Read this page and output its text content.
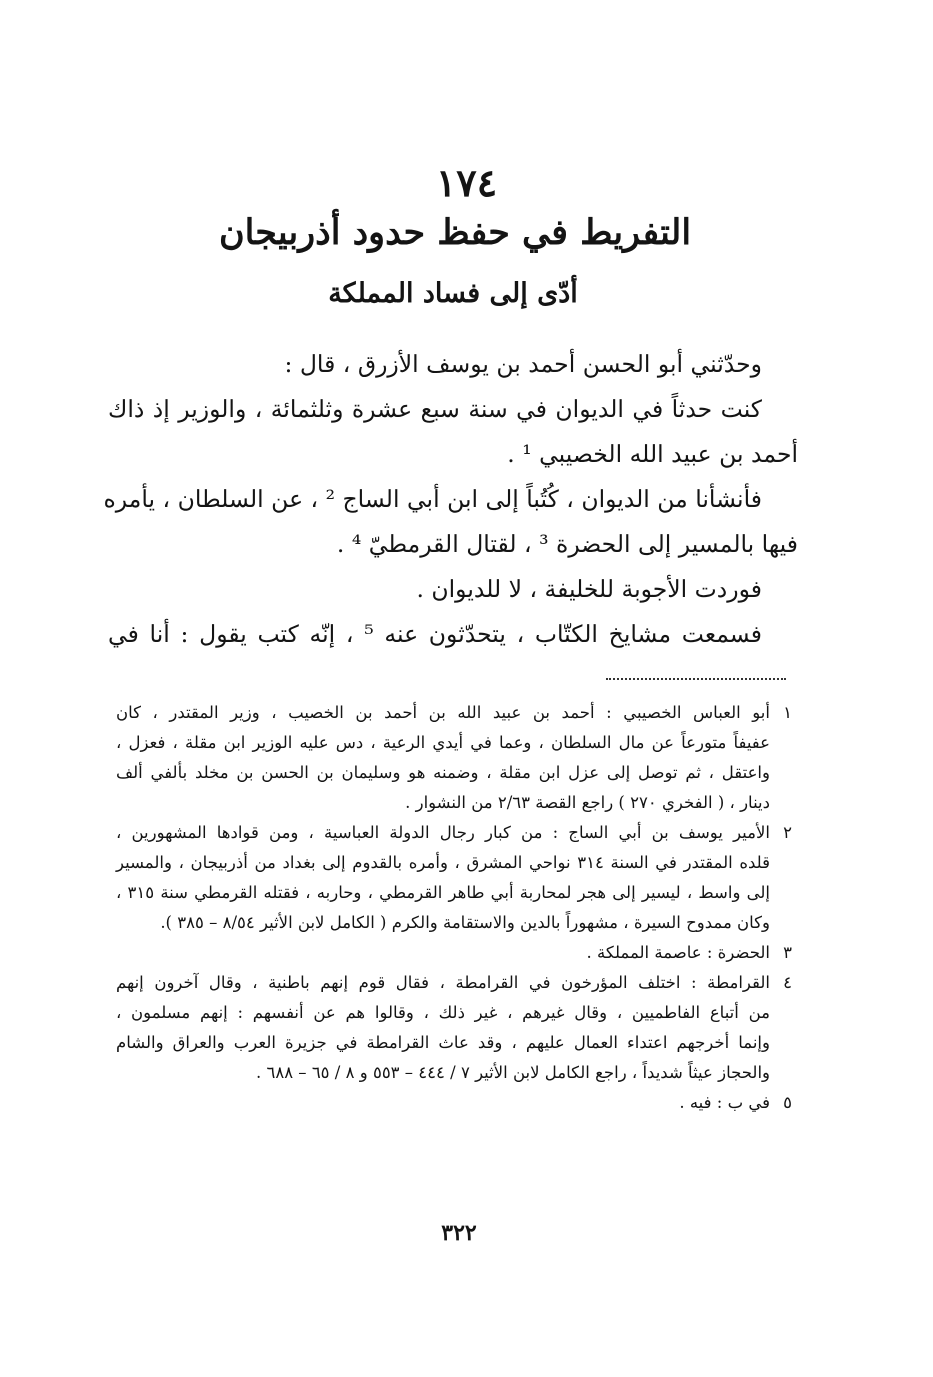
١٧٤
التفريط في حفظ حدود أذربيجان
أدّى إلى فساد المملكة

وحدّثني أبو الحسن أحمد بن يوسف الأزرق ، قال :

كنت حدثاً في الديوان في سنة سبع عشرة وثلثمائة ، والوزير إذ ذاك

أحمد بن عبيد الله الخصيبي ¹ .

فأنشأنا من الديوان ، كُتُباً إلى ابن أبي الساج ² ، عن السلطان ، يأمره

فيها بالمسير إلى الحضرة ³ ، لقتال القرمطيّ ⁴ .

فوردت الأجوبة للخليفة ، لا للديوان .

فسمعت مشايخ الكتّاب ، يتحدّثون عنه ⁵ ، إنّه كتب يقول : أنا في

١أبو العباس الخصيبي : أحمد بن عبيد الله بن أحمد بن الخصيب ، وزير المقتدر ، كان

عفيفاً متورعاً عن مال السلطان ، وعما في أيدي الرعية ، دس عليه الوزير ابن مقلة ، فعزل ،

واعتقل ، ثم توصل إلى عزل ابن مقلة ، وضمنه هو وسليمان بن الحسن بن مخلد بألفي ألف

دينار ، ( الفخري ٢٧٠ ) راجع القصة ٢/٦٣ من النشوار .

٢الأمير يوسف بن أبي الساج : من كبار رجال الدولة العباسية ، ومن قوادها المشهورين ،

قلده المقتدر في السنة ٣١٤ نواحي المشرق ، وأمره بالقدوم إلى بغداد من أذربيجان ، والمسير

إلى واسط ، ليسير إلى هجر لمحاربة أبي طاهر القرمطي ، وحاربه ، فقتله القرمطي سنة ٣١٥ ،

وكان ممدوح السيرة ، مشهوراً بالدين والاستقامة والكرم ( الكامل لابن الأثير ٨/٥٤ – ٣٨٥ ).

٣الحضرة : عاصمة المملكة .

٤القرامطة : اختلف المؤرخون في القرامطة ، فقال قوم إنهم باطنية ، وقال آخرون إنهم

من أتباع الفاطميين ، وقال غيرهم ، غير ذلك ، وقالوا هم عن أنفسهم : إنهم مسلمون ،

وإنما أخرجهم اعتداء العمال عليهم ، وقد عاث القرامطة في جزيرة العرب والعراق والشام

والحجاز عيثاً شديداً ، راجع الكامل لابن الأثير ٧ / ٤٤٤ – ٥٥٣ و ٨ / ٦٥ – ٦٨٨ .

٥في ب : فيه .

٣٢٢
